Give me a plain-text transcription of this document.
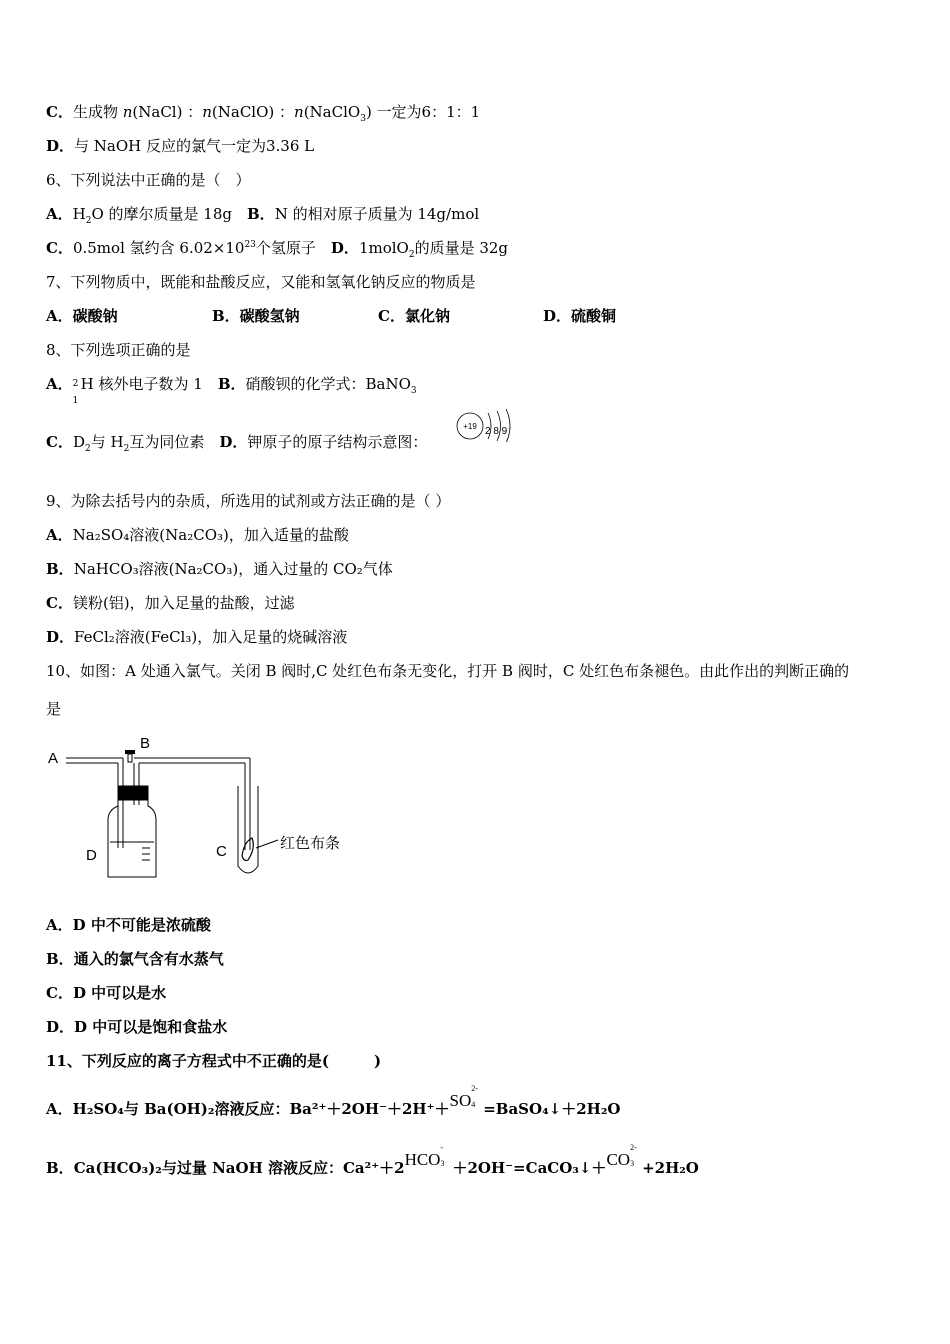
C．生成物 n(NaCl) ：n(NaClO) ：n(NaClO$_3$) 一定为6：1：1
D．与 NaOH 反应的氯气一定为3.36 L
6、下列说法中正确的是（　）
A．$H_2O$ 的摩尔质量是 18g　B．N 的相对原子质量为 14g/mol
C．0.5mol 氢约含 $6.02\times 10^{23}$个氢原子　D．1molO$_2$的质量是 32g
7、下列物质中，既能和盐酸反应，又能和氢氧化钠反应的物质是
A．碳酸钠	B．碳酸氢钠	C．氯化钠	D．硫酸铜
8、下列选项正确的是
A． 2
1
H 核外电子数为 1　B．硝酸钡的化学式：BaNO$_3$
C．$D_2$与 $H_2$互为同位素　D．钾原子的原子结构示意图：
+19 2 8 9
9、为除去括号内的杂质，所选用的试剂或方法正确的是（ ）
A．Na₂SO₄溶液(Na₂CO₃)，加入适量的盐酸
B．NaHCO₃溶液(Na₂CO₃)，通入过量的 CO₂气体
C．镁粉(铝)，加入足量的盐酸，过滤
D．FeCl₂溶液(FeCl₃)，加入足量的烧碱溶液
10、如图：A 处通入氯气。关闭 B 阀时,C 处红色布条无变化，打开 B 阀时，C 处红色布条褪色。由此作出的判断正确的
是
A
B
D	C	红色布条
A．D 中不可能是浓硫酸
B．通入的氯气含有水蒸气
C．D 中可以是水
D．D 中可以是饱和食盐水
11、下列反应的离子方程式中不正确的是(　　　)
A．H₂SO₄与 Ba(OH)₂溶液反应：Ba²⁺＋2OH⁻＋2H⁺＋SO
2-
4 =BaSO₄↓＋2H₂O
B．Ca(HCO₃)₂与过量 NaOH 溶液反应：Ca²⁺＋2HCO
-
3 ＋2OH⁻=CaCO₃↓＋CO
2-
3 +2H₂O
